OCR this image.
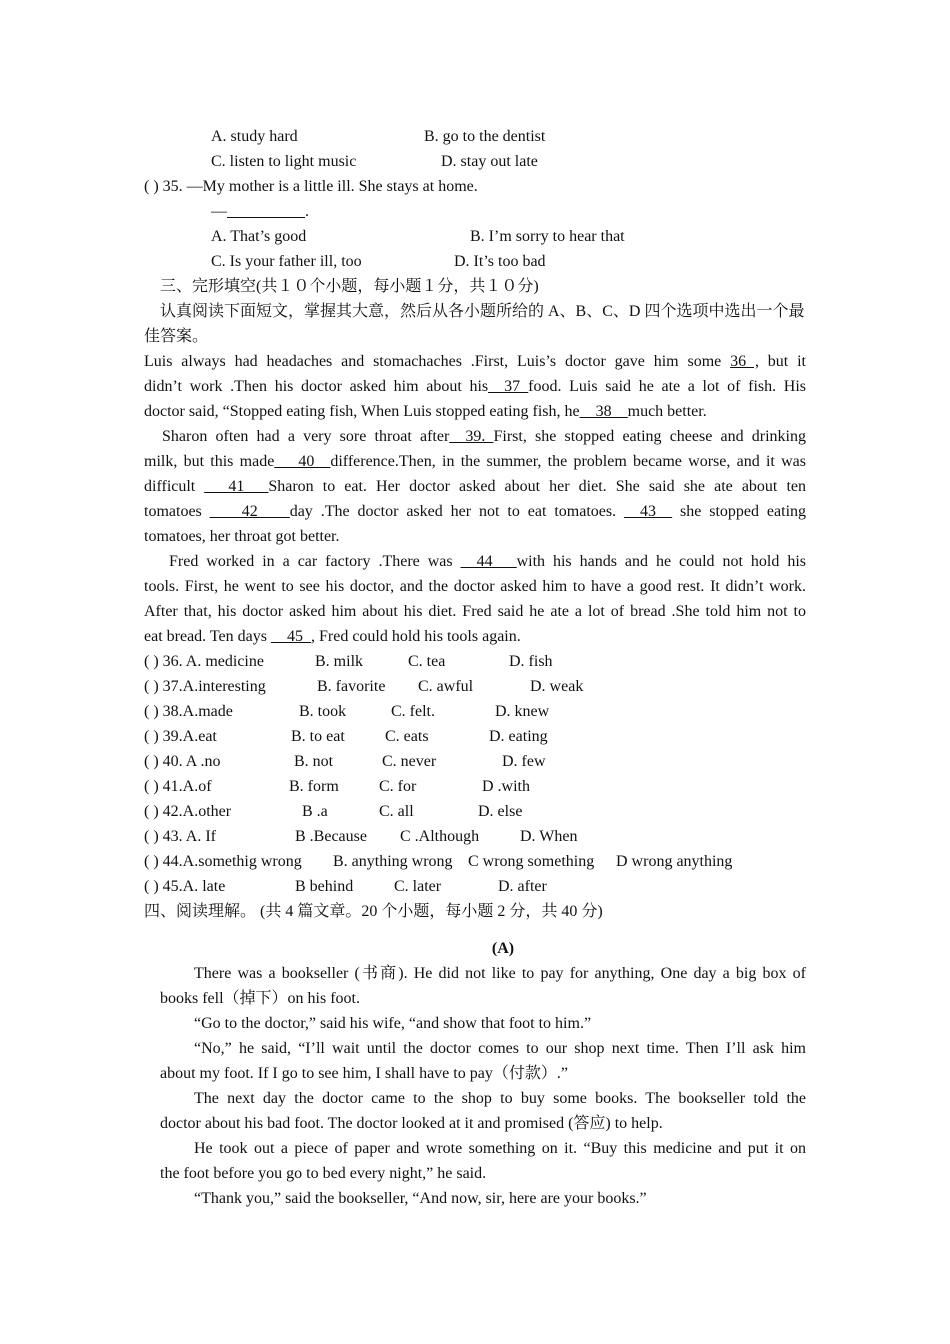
A. study hard	B. go to the dentist
C. listen to light music	D. stay out late
( ) 35. —My mother is a little ill. She stays at home.
—	.
A. That’s good	B. I’m sorry to hear that
C. Is your father ill, too	D. It’s too bad
三、完形填空(共１０个小题，每小题１分，共１０分)
认真阅读下面短文，掌握其大意，然后从各小题所给的 A、B、C、D 四个选项中选出一个最
佳答案。
Luis always had headaches and stomachaches .First, Luis’s doctor gave him some 36 , but it
didn’t work .Then his doctor asked him about his__37_food. Luis said he ate a lot of fish. His
doctor said, “Stopped eating fish, When Luis stopped eating fish, he__38__much better.
Sharon often had a very sore throat after__39. First, she stopped eating cheese and drinking
milk, but this made___40__difference.Then, in the summer, the problem became worse, and it was
difficult ___41___Sharon to eat. Her doctor asked about her diet. She said she ate about ten
tomatoes ____42____day .The doctor asked her not to eat tomatoes. __43__ she stopped eating
tomatoes, her throat got better.
Fred worked in a car factory .There was __44___with his hands and he could not hold his
tools. First, he went to see his doctor, and the doctor asked him to have a good rest. It didn’t work.
After that, his doctor asked him about his diet. Fred said he ate a lot of bread .She told him not to
eat bread. Ten days __45_, Fred could hold his tools again.
( ) 36. A. medicine	B. milk	C. tea	D. fish
( ) 37.A.interesting	B. favorite C. awful	D. weak
( ) 38.A.made	B. took	C. felt.	D. knew
( ) 39.A.eat	B. to eat	C. eats	D. eating
( ) 40. A .no	B. not	C. never	D. few
( ) 41.A.of	B. form	C. for	D .with
( ) 42.A.other	B .a	C. all	D. else
( ) 43. A. If	B .Because C .Although	D. When
( ) 44.A.somethig wrong B. anything wrong C wrong something D wrong anything
( ) 45.A. late	B behind	C. later	D. after
四、阅读理解。 (共 4 篇文章。20 个小题，每小题 2 分，共 40 分)
(A)
There was a bookseller (书商). He did not like to pay for anything, One day a big box of
books fell（掉下）on his foot.
“Go to the doctor,” said his wife, “and show that foot to him.”
“No,” he said, “I’ll wait until the doctor comes to our shop next time. Then I’ll ask him
about my foot. If I go to see him, I shall have to pay（付款）.”
The next day the doctor came to the shop to buy some books. The bookseller told the
doctor about his bad foot. The doctor looked at it and promised (答应) to help.
He took out a piece of paper and wrote something on it. “Buy this medicine and put it on
the foot before you go to bed every night,” he said.
“Thank you,” said the bookseller, “And now, sir, here are your books.”
